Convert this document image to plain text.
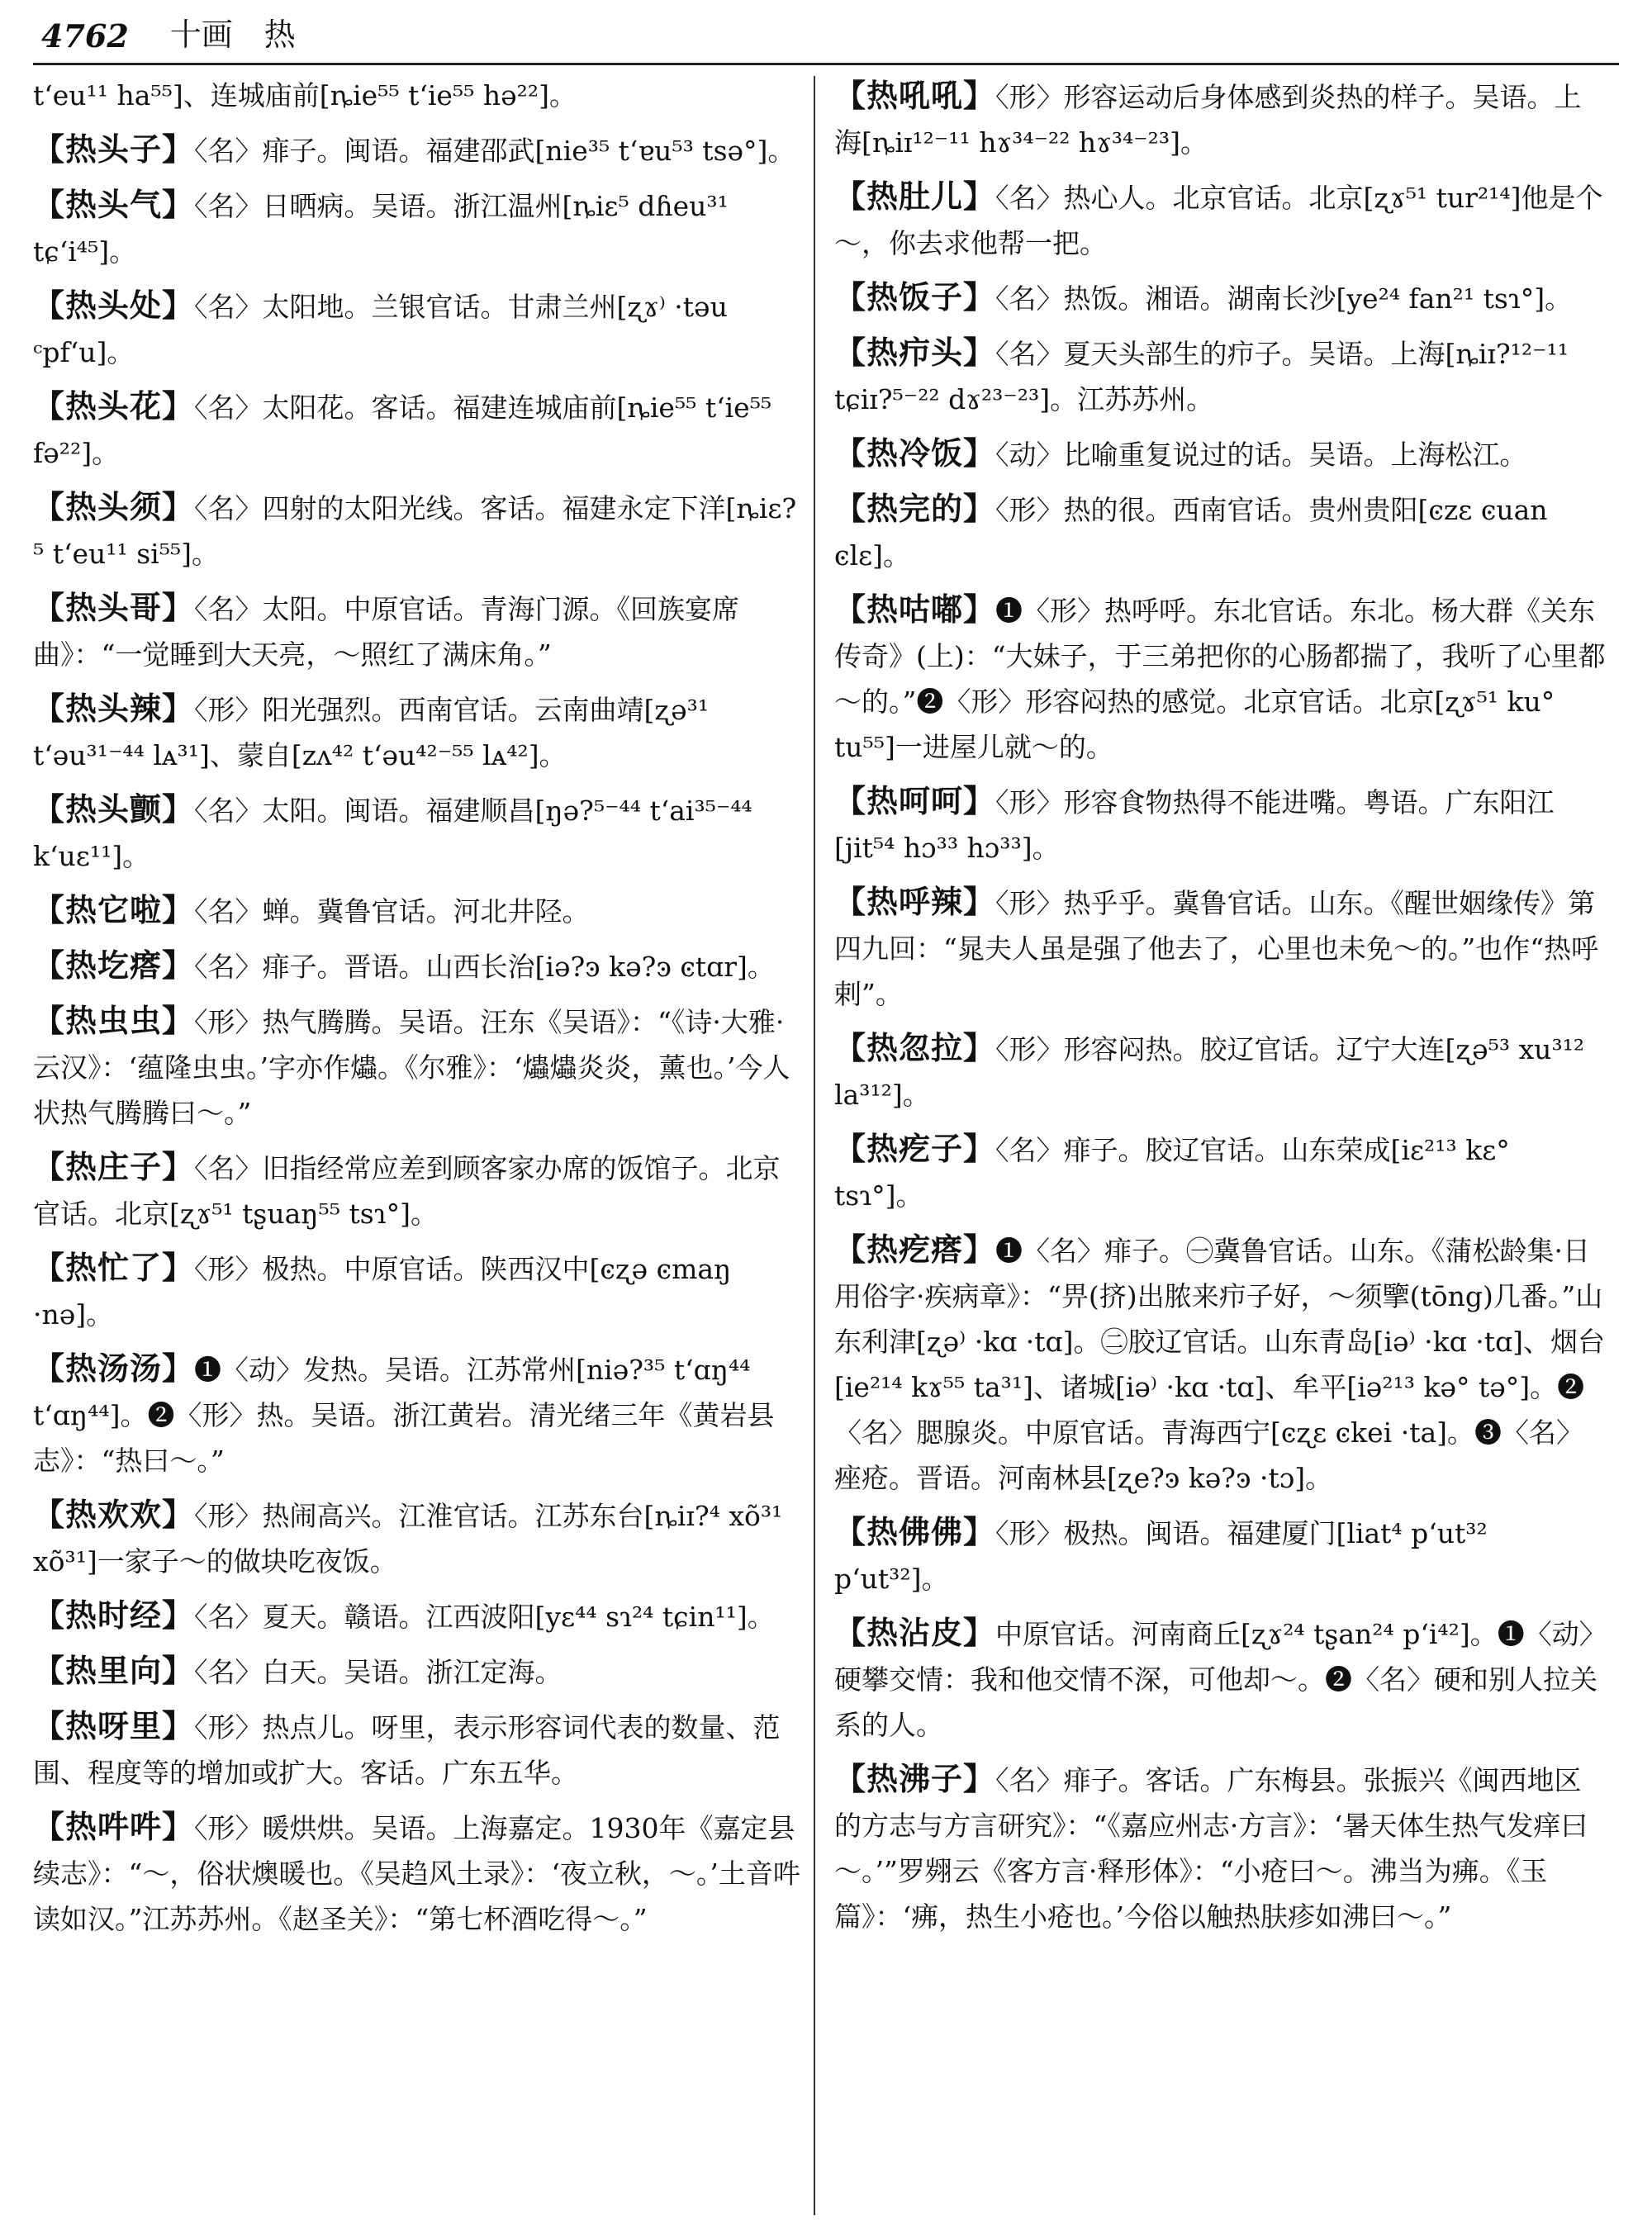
4762 十画　热
t‘eu¹¹ ha⁵⁵]、连城庙前[ȵie⁵⁵ t‘ie⁵⁵ hə²²]。
【热头子】〈名〉痱子。闽语。福建邵武[nie³⁵ t‘ɐu⁵³ tsə°]。
【热头气】〈名〉日晒病。吴语。浙江温州[ȵiɛ⁵ dɦeu³¹ tɕ‘i⁴⁵]。
【热头处】〈名〉太阳地。兰银官话。甘肃兰州[ʐɤ⁾ ·təu ᶜpf‘u]。
【热头花】〈名〉太阳花。客话。福建连城庙前[ȵie⁵⁵ t‘ie⁵⁵ fə²²]。
【热头须】〈名〉四射的太阳光线。客话。福建永定下洋[ȵiɛ?⁵ t‘eu¹¹ si⁵⁵]。
【热头哥】〈名〉太阳。中原官话。青海门源。《回族宴席曲》：“一觉睡到大天亮，～照红了满床角。”
【热头辣】〈形〉阳光强烈。西南官话。云南曲靖[ʐə³¹ t‘əu³¹⁻⁴⁴ lᴀ³¹]、蒙自[zʌ⁴² t‘əu⁴²⁻⁵⁵ lᴀ⁴²]。
【热头颤】〈名〉太阳。闽语。福建顺昌[ŋə?⁵⁻⁴⁴ t‘ai³⁵⁻⁴⁴ k‘uɛ¹¹]。
【热它啦】〈名〉蝉。冀鲁官话。河北井陉。
【热圪瘩】〈名〉痱子。晋语。山西长治[iə?ͽ kə?ͽ ͼtɑr]。
【热虫虫】〈形〉热气腾腾。吴语。汪东《吴语》：“《诗·大雅·云汉》：‘蕴隆虫虫。’字亦作爞。《尔雅》：‘爞爞炎炎，薰也。’今人状热气腾腾曰～。”
【热庄子】〈名〉旧指经常应差到顾客家办席的饭馆子。北京官话。北京[ʐɤ⁵¹ tʂuaŋ⁵⁵ tsɿ°]。
【热忙了】〈形〉极热。中原官话。陕西汉中[ͼʐə ͼmaŋ ·nə]。
【热汤汤】❶〈动〉发热。吴语。江苏常州[niə?³⁵ t‘ɑŋ⁴⁴ t‘ɑŋ⁴⁴]。❷〈形〉热。吴语。浙江黄岩。清光绪三年《黄岩县志》：“热曰～。”
【热欢欢】〈形〉热闹高兴。江淮官话。江苏东台[ȵiɪ?⁴ xõ³¹ xõ³¹]一家子～的做块吃夜饭。
【热时经】〈名〉夏天。赣语。江西波阳[yɛ⁴⁴ sɿ²⁴ tɕin¹¹]。
【热里向】〈名〉白天。吴语。浙江定海。
【热呀里】〈形〉热点儿。呀里，表示形容词代表的数量、范围、程度等的增加或扩大。客话。广东五华。
【热吽吽】〈形〉暖烘烘。吴语。上海嘉定。1930年《嘉定县续志》：“～，俗状燠暖也。《吴趋风土录》：‘夜立秋，～。’土音吽读如汉。”江苏苏州。《赵圣关》：“第七杯酒吃得～。”
【热吼吼】〈形〉形容运动后身体感到炎热的样子。吴语。上海[ȵiɪ¹²⁻¹¹ hɤ³⁴⁻²² hɤ³⁴⁻²³]。
【热肚儿】〈名〉热心人。北京官话。北京[ʐɤ⁵¹ tur²¹⁴]他是个～，你去求他帮一把。
【热饭子】〈名〉热饭。湘语。湖南长沙[ye²⁴ fan²¹ tsɿ°]。
【热疖头】〈名〉夏天头部生的疖子。吴语。上海[ȵiɪ?¹²⁻¹¹ tɕiɪ?⁵⁻²² dɤ²³⁻²³]。江苏苏州。
【热冷饭】〈动〉比喻重复说过的话。吴语。上海松江。
【热完的】〈形〉热的很。西南官话。贵州贵阳[ͼzɛ ͼuan ͼlɛ]。
【热咕嘟】❶〈形〉热呼呼。东北官话。东北。杨大群《关东传奇》(上)：“大妹子，于三弟把你的心肠都揣了，我听了心里都～的。”❷〈形〉形容闷热的感觉。北京官话。北京[ʐɤ⁵¹ ku° tu⁵⁵]一进屋儿就～的。
【热呵呵】〈形〉形容食物热得不能进嘴。粤语。广东阳江[jit⁵⁴ hɔ³³ hɔ³³]。
【热呼辣】〈形〉热乎乎。冀鲁官话。山东。《醒世姻缘传》第四九回：“晁夫人虽是强了他去了，心里也未免～的。”也作“热呼剌”。
【热忽拉】〈形〉形容闷热。胶辽官话。辽宁大连[ʐə⁵³ xu³¹² la³¹²]。
【热疙子】〈名〉痱子。胶辽官话。山东荣成[iɛ²¹³ kɛ° tsɿ°]。
【热疙瘩】❶〈名〉痱子。㊀冀鲁官话。山东。《蒲松龄集·日用俗字·疾病章》：“畀(挤)出脓来疖子好，～须擥(tōng)几番。”山东利津[ʐə⁾ ·kɑ ·tɑ]。㊁胶辽官话。山东青岛[iə⁾ ·kɑ ·tɑ]、烟台[ie²¹⁴ kɤ⁵⁵ ta³¹]、诸城[iə⁾ ·kɑ ·tɑ]、牟平[iə²¹³ kə° tə°]。❷〈名〉腮腺炎。中原官话。青海西宁[ͼʐɛ ͼkei ·ta]。❸〈名〉痤疮。晋语。河南林县[ʐe?ͽ kə?ͽ ·tɔ]。
【热佛佛】〈形〉极热。闽语。福建厦门[liat⁴ p‘ut³² p‘ut³²]。
【热沾皮】中原官话。河南商丘[ʐɤ²⁴ tʂan²⁴ p‘i⁴²]。❶〈动〉硬攀交情：我和他交情不深，可他却～。❷〈名〉硬和别人拉关系的人。
【热沸子】〈名〉痱子。客话。广东梅县。张振兴《闽西地区的方志与方言研究》：“《嘉应州志·方言》：‘暑天体生热气发痒曰～。’”罗翙云《客方言·释形体》：“小疮曰～。沸当为疿。《玉篇》：‘疿，热生小疮也。’今俗以触热肤疹如沸曰～。”
